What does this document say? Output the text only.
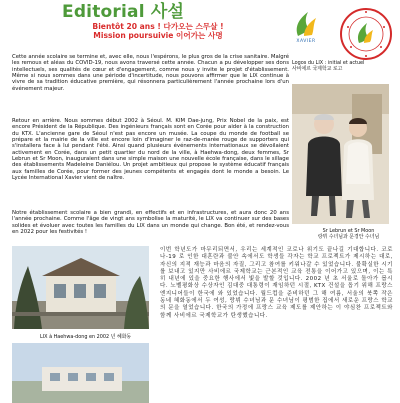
Editorial 사설
Bientôt 20 ans ! 다가오는 스무살 !
Mission poursuivie 이어가는 사명
Cette année scolaire se termine et, avec elle, nous l'espérons, le plus gros de la crise sanitaire. Malgré les remous et aléas du COVID-19, nous avons traversé cette année. Chacun a pu développer ses dons intellectuels, ses qualités de cœur et d'engagement, comme nous y invite le projet d'établissement. Même si nous sommes dans une période d'incertitude, nous pouvons affirmer que le LIX continue à vivre de sa tradition éducative première, qui résonnera particulièrement l'année prochaine lors d'un événement majeur.
Retour en arrière. Nous sommes début 2002 à Séoul. M. KIM Dae-jung, Prix Nobel de la paix, est encore Président de la République. Des ingénieurs français sont en Corée pour aider à la construction du KTX. L'ancienne gare de Séoul n'est pas encore un musée. La coupe du monde de football se prépare et la mairie de la ville est encore loin d'imaginer le raz-de-marée rouge de supporters qui s'installera face à lui pendant l'été. Ainsi quand plusieurs événements internationaux se dévoilaient activement en Corée, dans un petit quartier du nord de la ville, à Haehwa-dong, deux femmes, Sr Lebrun et Sr Moon, inauguraient dans une simple maison une nouvelle école française, dans le sillage des établissements Madeleine Daniélou. Un projet ambitieux qui propose le système éducatif français aux familles de Corée, pour former des jeunes compétents et engagés dont le monde a besoin. Le Lycée International Xavier vient de naître.
Notre établissement scolaire a bien grandi, en effectifs et en infrastructures, et aura donc 20 ans l'année prochaine. Comme l'âge de vingt ans symbolise la maturité, le LIX va continuer sur des bases solides et évoluer avec toutes les familles du LIX dans un monde qui change. Bon été, et rendez-vous en 2022 pour les festivités !
XAVIER
Logos du LIX : initial et actuel
사비에르 국제학교 로고
Sr Lebrun et Sr Moon
랑뷔 수녀님과 문경안 수녀님
LIX à Haehwa-dong en 2002 년 혜화동
이번 학년도가 마무리되면서, 우리는 세계적인 코로나 위기도 끝나길 기대합니다. 코로나-19 로 인한 대혼란과 불안 속에서도 학생들 각자는 학교 프로젝트가 제시하는 대로, 자신의 지적 재능과 마음의 자질, 그리고 참여를 키워나갈 수 있었습니다. 불확실한 시기를 보내고 있지만 사비에르 국제학교는 근본적인 교육 전통을 이어가고 있으며, 이는 특히 내년에 있을 중요한 행사에서 빛을 발할 것입니다. 2002 년 초 서울로 돌아가 봅시다. 노벨평화상 수상자인 김대중 대통령이 재임하던 시절, KTX 건설을 돕기 위해 프랑스 엔지니어들이 한국에 와 있었습니다. 월드컵을 준비하던 그 해 여름, 서울의 북쪽 작은 동네 혜화동에서 두 여성, 랑뷔 수녀님과 문 수녀님이 평범한 집에서 새로운 프랑스 학교의 문을 열었습니다. 한국의 가정에 프랑스 교육 제도를 제안하는 이 야심찬 프로젝트와 함께 사비에르 국제학교가 탄생했습니다.
